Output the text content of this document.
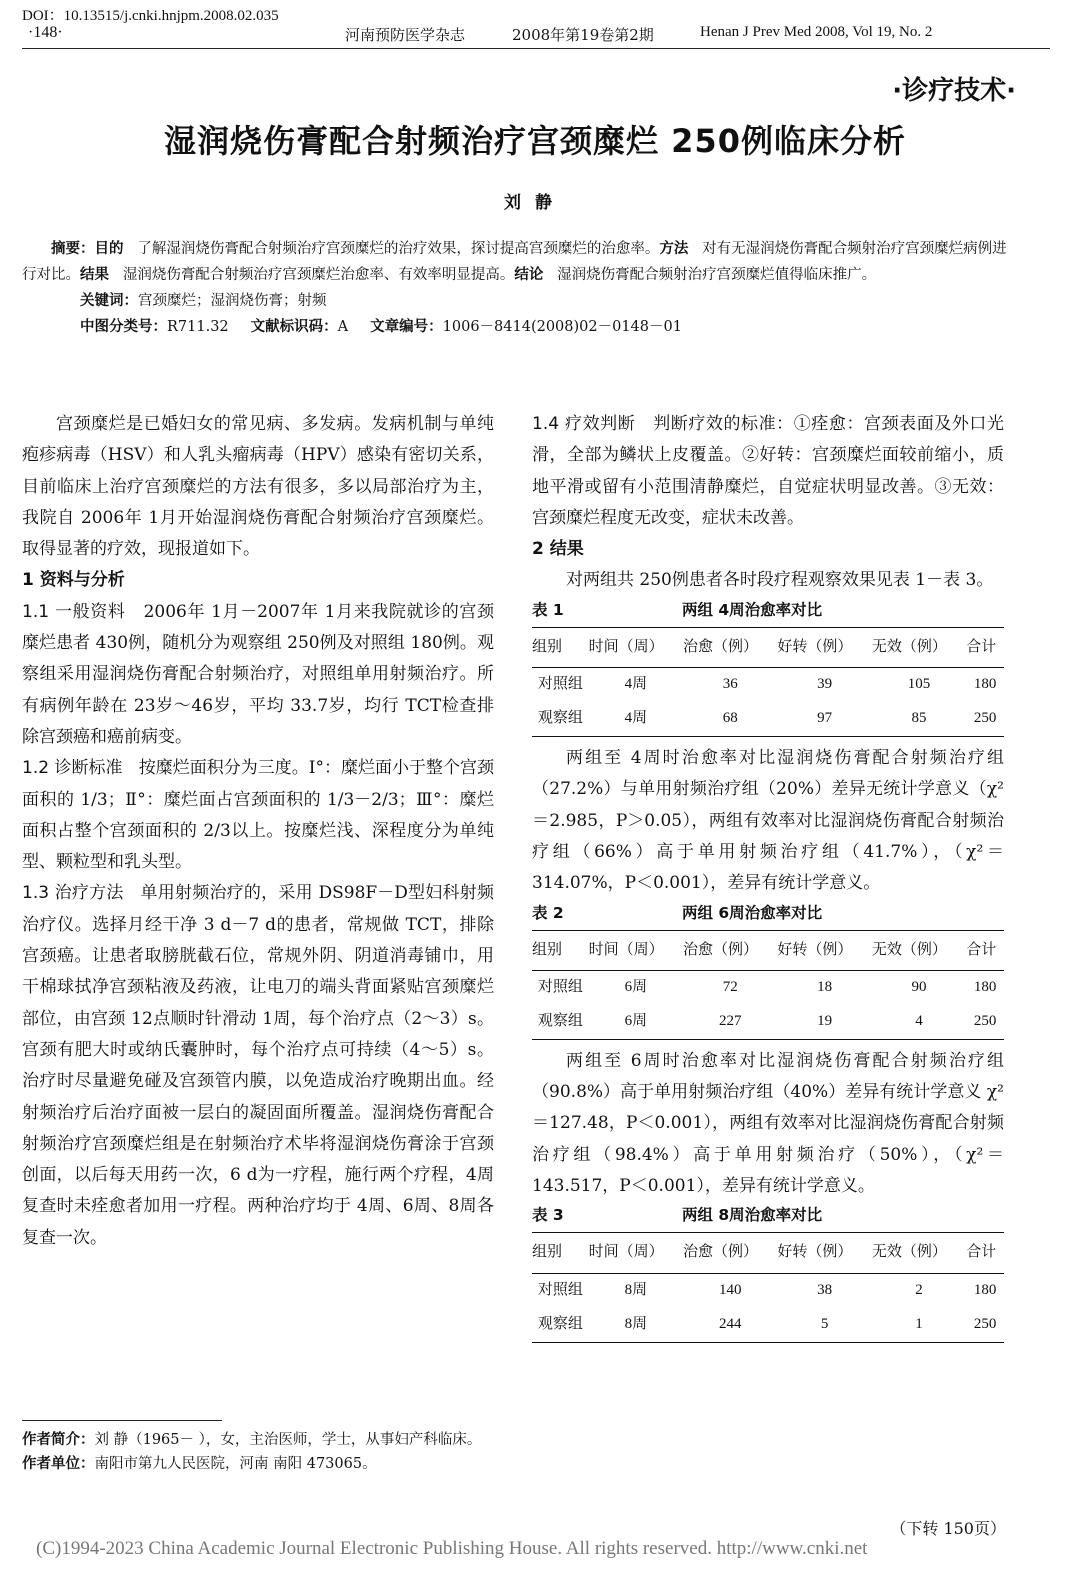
DOI：10.13515/j.cnki.hnjpm.2008.02.035
·148·	河南预防医学杂志	2008年第19卷第2期	Henan J Prev Med 2008, Vol 19, No. 2
·诊疗技术·
湿润烧伤膏配合射频治疗宫颈糜烂 250例临床分析
刘静

摘要：目的 了解湿润烧伤膏配合射频治疗宫颈糜烂的治疗效果，探讨提高宫颈糜烂的治愈率。方法 对有无湿润烧伤膏配合频射治疗宫颈糜烂病例进行对比。结果 湿润烧伤膏配合射频治疗宫颈糜烂治愈率、有效率明显提高。结论 湿润烧伤膏配合频射治疗宫颈糜烂值得临床推广。

关键词：宫颈糜烂；湿润烧伤膏；射频

中图分类号：R711.32 文献标识码：A 文章编号：1006－8414(2008)02－0148－01

宫颈糜烂是已婚妇女的常见病、多发病。发病机制与单纯疱疹病毒（HSV）和人乳头瘤病毒（HPV）感染有密切关系，目前临床上治疗宫颈糜烂的方法有很多，多以局部治疗为主，我院自 2006年 1月开始湿润烧伤膏配合射频治疗宫颈糜烂。取得显著的疗效，现报道如下。

1 资料与分析

1.1 一般资料 2006年 1月－2007年 1月来我院就诊的宫颈糜烂患者 430例，随机分为观察组 250例及对照组 180例。观察组采用湿润烧伤膏配合射频治疗，对照组单用射频治疗。所有病例年龄在 23岁～46岁，平均 33.7岁，均行 TCT检查排除宫颈癌和癌前病变。

1.2 诊断标准 按糜烂面积分为三度。Ⅰ°：糜烂面小于整个宫颈面积的 1/3；Ⅱ°：糜烂面占宫颈面积的 1/3－2/3；Ⅲ°：糜烂面积占整个宫颈面积的 2/3以上。按糜烂浅、深程度分为单纯型、颗粒型和乳头型。

1.3 治疗方法 单用射频治疗的，采用 DS98F－D型妇科射频治疗仪。选择月经干净 3 d－7 d的患者，常规做 TCT，排除宫颈癌。让患者取膀胱截石位，常规外阴、阴道消毒铺巾，用干棉球拭净宫颈粘液及药液，让电刀的端头背面紧贴宫颈糜烂部位，由宫颈 12点顺时针滑动 1周，每个治疗点（2～3）s。宫颈有肥大时或纳氏囊肿时，每个治疗点可持续（4～5）s。治疗时尽量避免碰及宫颈管内膜，以免造成治疗晚期出血。经射频治疗后治疗面被一层白的凝固面所覆盖。湿润烧伤膏配合射频治疗宫颈糜烂组是在射频治疗术毕将湿润烧伤膏涂于宫颈创面，以后每天用药一次，6 d为一疗程，施行两个疗程，4周复查时未痊愈者加用一疗程。两种治疗均于 4周、6周、8周各复查一次。

作者简介：刘 静（1965－ ），女，主治医师，学士，从事妇产科临床。

作者单位：南阳市第九人民医院，河南 南阳 473065。

1.4 疗效判断 判断疗效的标准：①痊愈：宫颈表面及外口光滑，全部为鳞状上皮覆盖。②好转：宫颈糜烂面较前缩小，质地平滑或留有小范围清静糜烂，自觉症状明显改善。③无效：宫颈糜烂程度无改变，症状未改善。

2 结果

对两组共 250例患者各时段疗程观察效果见表 1－表 3。

表 1	两组 4周治愈率对比

组别	时间（周）	治愈（例）	好转（例）	无效（例）	合计
对照组	4周	36	39	105	180
观察组	4周	68	97	85	250

两组至 4周时治愈率对比湿润烧伤膏配合射频治疗组（27.2%）与单用射频治疗组（20%）差异无统计学意义（χ²＝2.985，P＞0.05），两组有效率对比湿润烧伤膏配合射频治疗组（66%）高于单用射频治疗组（41.7%），（χ²＝314.07%，P＜0.001），差异有统计学意义。

表 2	两组 6周治愈率对比

组别	时间（周）	治愈（例）	好转（例）	无效（例）	合计
对照组	6周	72	18	90	180
观察组	6周	227	19	4	250

两组至 6周时治愈率对比湿润烧伤膏配合射频治疗组（90.8%）高于单用射频治疗组（40%）差异有统计学意义 χ²＝127.48，P＜0.001），两组有效率对比湿润烧伤膏配合射频治疗组（98.4%）高于单用射频治疗（50%），（χ²＝143.517，P＜0.001），差异有统计学意义。

表 3	两组 8周治愈率对比

组别	时间（周）	治愈（例）	好转（例）	无效（例）	合计
对照组	8周	140	38	2	180
观察组	8周	244	5	1	250
（下转 150页）
(C)1994-2023 China Academic Journal Electronic Publishing House. All rights reserved. http://www.cnki.net
